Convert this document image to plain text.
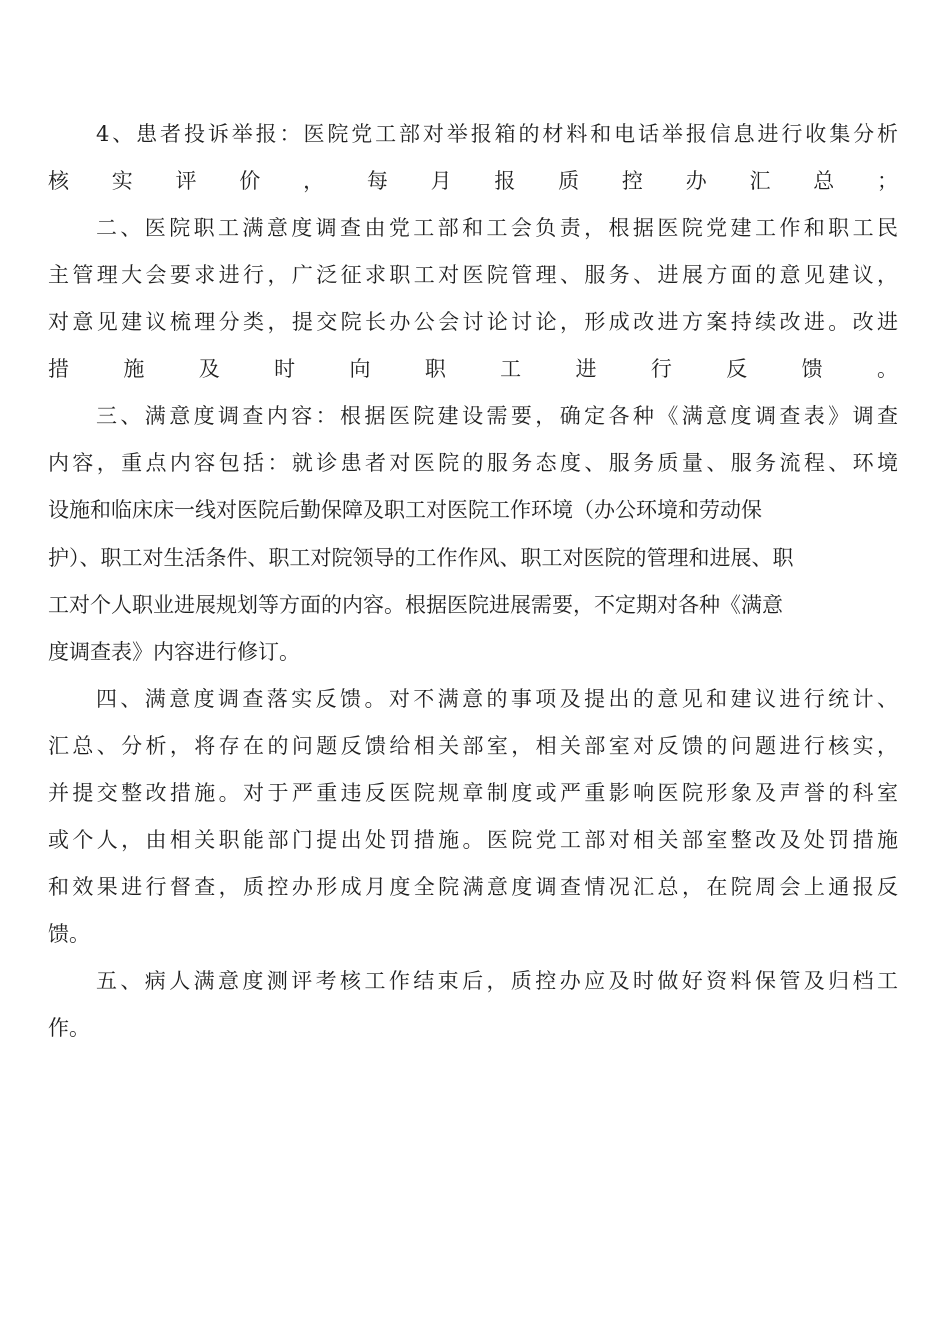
4、患者投诉举报：医院党工部对举报箱的材料和电话举报信息进行收集分析
核实评价，每月报质控办汇总；
二、医院职工满意度调查由党工部和工会负责，根据医院党建工作和职工民
主管理大会要求进行，广泛征求职工对医院管理、服务、进展方面的意见建议，
对意见建议梳理分类，提交院长办公会讨论讨论，形成改进方案持续改进。改进
措施及时向职工进行反馈。
三、满意度调查内容：根据医院建设需要，确定各种《满意度调查表》调查
内容，重点内容包括：就诊患者对医院的服务态度、服务质量、服务流程、环境
设施和临床床一线对医院后勤保障及职工对医院工作环境（办公环境和劳动保
护）、职工对生活条件、职工对院领导的工作作风、职工对医院的管理和进展、职
工对个人职业进展规划等方面的内容。根据医院进展需要，不定期对各种《满意
度调查表》内容进行修订。
四、满意度调查落实反馈。对不满意的事项及提出的意见和建议进行统计、
汇总、分析，将存在的问题反馈给相关部室，相关部室对反馈的问题进行核实，
并提交整改措施。对于严重违反医院规章制度或严重影响医院形象及声誉的科室
或个人，由相关职能部门提出处罚措施。医院党工部对相关部室整改及处罚措施
和效果进行督查，质控办形成月度全院满意度调查情况汇总，在院周会上通报反
馈。
五、病人满意度测评考核工作结束后，质控办应及时做好资料保管及归档工
作。
